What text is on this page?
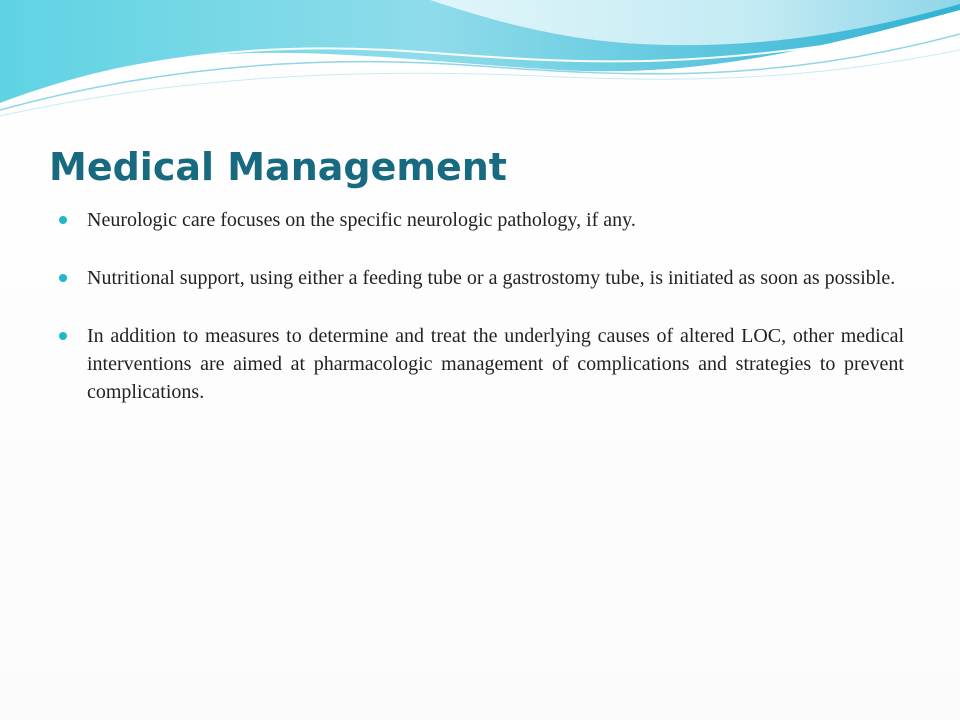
Medical Management
Neurologic care focuses on the specific neurologic pathology, if any.
Nutritional support, using either a feeding tube or a gastrostomy tube, is initiated as soon as possible.
In addition to measures to determine and treat the underlying causes of altered LOC, other medical interventions are aimed at pharmacologic management of complications and strategies to prevent complications.
